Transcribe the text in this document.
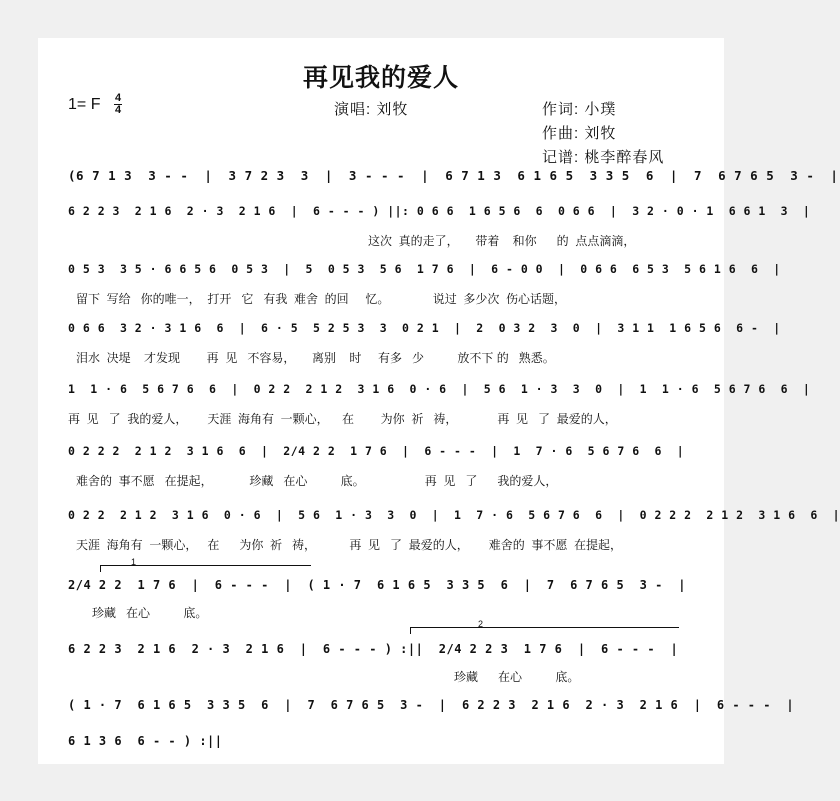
再见我的爱人
1= F 4
4	演唱: 刘牧	作词: 小璞
作曲: 刘牧
记谱: 桃李醉春风
(6 7 1 3  3 - -  |  3 7 2 3  3  |  3 - - -  |  6 7 1 3  6 1 6 5  3 3 5  6  |  7  6 7 6 5  3 -  |
6 2 2 3  2 1 6  2 · 3  2 1 6  |  6 - - - ) ||: 0 6 6  1 6 5 6  6  0 6 6  |  3 2 · 0 · 1  6 6 1  3  |
这次  真的走了，     带着    和你      的  点点滴滴，
0 5 3  3 5 · 6 6 5 6  0 5 3  |  5  0 5 3  5 6  1 7 6  |  6 - 0 0  |  0 6 6  6 5 3  5 6 1 6  6  |
留下  写给   你的唯一，  打开   它   有我  难舍  的回     忆。             说过  多少次  伤心话题，
0 6 6  3 2 · 3 1 6  6  |  6 · 5  5 2 5 3  3  0 2 1  |  2  0 3 2  3  0  |  3 1 1  1 6 5 6  6 -  |
泪水  决堤    才发现        再  见   不容易，     离别    时     有多   少          放不下 的   熟悉。
1  1 · 6  5 6 7 6  6  |  0 2 2  2 1 2  3 1 6  0 · 6  |  5 6  1 · 3  3  0  |  1  1 · 6  5 6 7 6  6  |
再  见   了  我的爱人，      天涯  海角有  一颗心，    在        为你  祈   祷，            再  见   了  最爱的人，
0 2 2 2  2 1 2  3 1 6  6  |  2/4 2 2  1 7 6  |  6 - - -  |  1  7 · 6  5 6 7 6  6  |
难舍的  事不愿   在提起，           珍藏   在心          底。                  再  见   了      我的爱人，
0 2 2  2 1 2  3 1 6  0 · 6  |  5 6  1 · 3  3  0  |  1  7 · 6  5 6 7 6  6  |  0 2 2 2  2 1 2  3 1 6  6  |
天涯  海角有  一颗心，   在      为你  祈   祷，          再  见   了  最爱的人，      难舍的  事不愿  在提起，
1
2/4 2 2  1 7 6  |  6 - - -  |  ( 1 · 7  6 1 6 5  3 3 5  6  |  7  6 7 6 5  3 -  |
珍藏   在心          底。
2
6 2 2 3  2 1 6  2 · 3  2 1 6  |  6 - - - ) :||  2/4 2 2 3  1 7 6  |  6 - - -  |
珍藏      在心          底。
( 1 · 7  6 1 6 5  3 3 5  6  |  7  6 7 6 5  3 -  |  6 2 2 3  2 1 6  2 · 3  2 1 6  |  6 - - -  |
6 1 3 6  6 - - ) :||
